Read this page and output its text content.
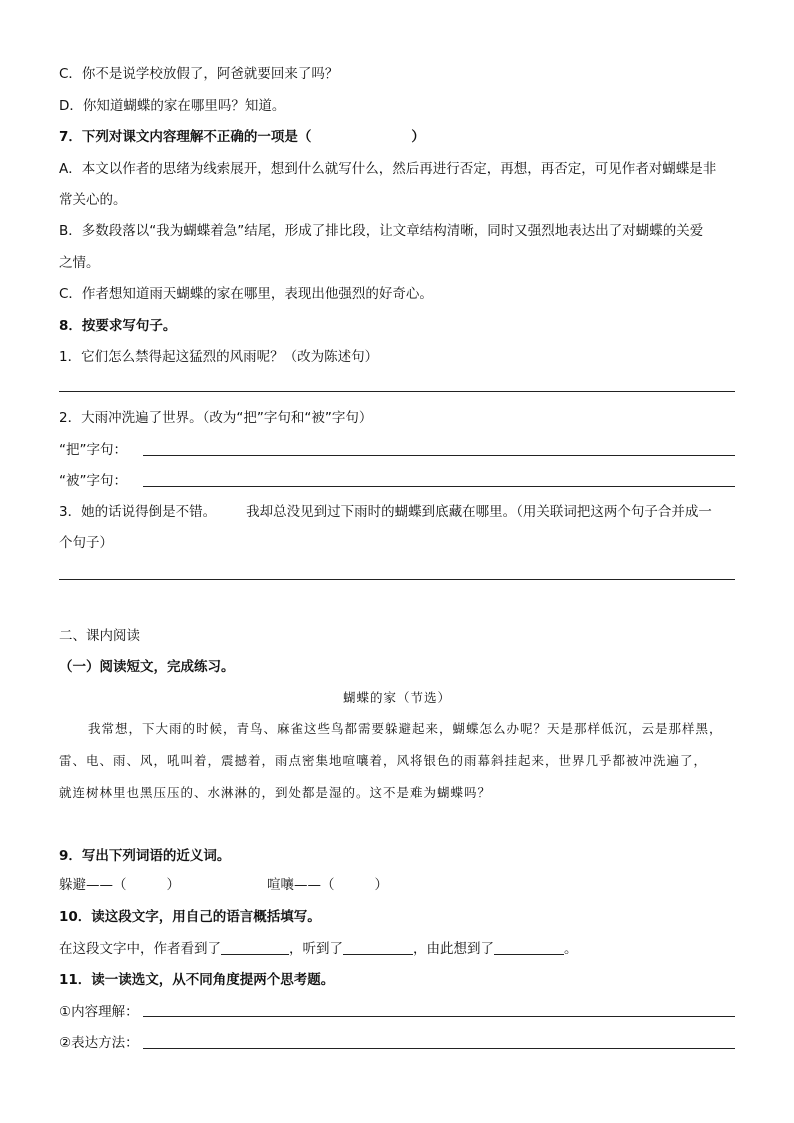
C．你不是说学校放假了，阿爸就要回来了吗？
D．你知道蝴蝶的家在哪里吗？知道。
7．下列对课文内容理解不正确的一项是（	）
A．本文以作者的思绪为线索展开，想到什么就写什么，然后再进行否定，再想，再否定，可见作者对蝴蝶是非
常关心的。
B．多数段落以“我为蝴蝶着急”结尾，形成了排比段，让文章结构清晰，同时又强烈地表达出了对蝴蝶的关爱
之情。
C．作者想知道雨天蝴蝶的家在哪里，表现出他强烈的好奇心。
8．按要求写句子。
1．它们怎么禁得起这猛烈的风雨呢？（改为陈述句）
2．大雨冲洗遍了世界。（改为“把”字句和“被”字句）
“把”字句：
“被”字句：
3．她的话说得倒是不错。 我却总没见到过下雨时的蝴蝶到底藏在哪里。（用关联词把这两个句子合并成一
个句子）
二、课内阅读
（一）阅读短文，完成练习。
蝴蝶的家（节选）
我常想，下大雨的时候，青鸟、麻雀这些鸟都需要躲避起来，蝴蝶怎么办呢？天是那样低沉，云是那样黑，
雷、电、雨、风，吼叫着，震撼着，雨点密集地喧嚷着，风将银色的雨幕斜挂起来，世界几乎都被冲洗遍了，
就连树林里也黑压压的、水淋淋的，到处都是湿的。这不是难为蝴蝶吗？
9．写出下列词语的近义词。
躲避——（	）	喧嚷——（	）
10．读这段文字，用自己的语言概括填写。
在这段文字中，作者看到了	，听到了	，由此想到了	。
11．读一读选文，从不同角度提两个思考题。
①内容理解：
②表达方法：
